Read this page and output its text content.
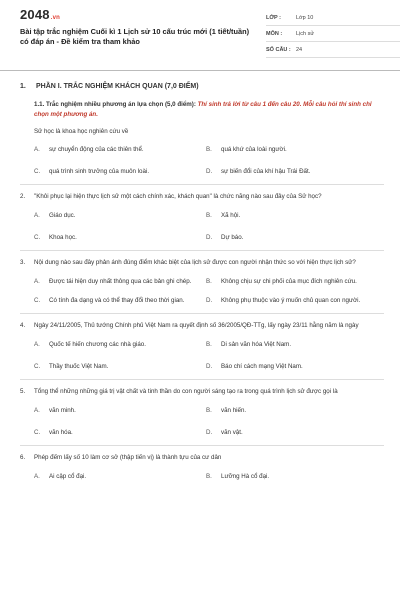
2048.vn
Bài tập trắc nghiệm Cuối kì 1 Lịch sử 10 cấu trúc mới (1 tiết/tuần) có đáp án - Đề kiểm tra tham khảo
LỚP :	Lớp 10
MÔN :	Lịch sử
SỐ CÂU : 24
1.	PHẦN I. TRẮC NGHIỆM KHÁCH QUAN (7,0 ĐIỂM)
1.1. Trắc nghiệm nhiều phương án lựa chọn (5,0 điểm): Thí sinh trả lời từ câu 1 đến câu 20. Mỗi câu hỏi thí sinh chỉ chọn một phương án.
Sử học là khoa học nghiên cứu về
A.	sự chuyển động của các thiên thể.	B.	quá khứ của loài người.
C.	quá trình sinh trưởng của muôn loài.	D.	sự biến đổi của khí hậu Trái Đất.
2.	"Khôi phục lại hiện thực lịch sử một cách chính xác, khách quan" là chức năng nào sau đây của Sử học?
A.	Giáo dục.	B.	Xã hội.
C.	Khoa học.	D.	Dự báo.
3.	Nội dung nào sau đây phản ánh đúng điểm khác biệt của lịch sử được con người nhận thức so với hiện thực lịch sử?
A.	Được tái hiện duy nhất thông qua các bản ghi chép.	B.	Không chịu sự chi phối của mục đích nghiên cứu.
C.	Có tính đa dạng và có thể thay đổi theo thời gian.	D.	Không phụ thuộc vào ý muốn chủ quan con người.
4.	Ngày 24/11/2005, Thủ tướng Chính phủ Việt Nam ra quyết định số 36/2005/QĐ-TTg, lấy ngày 23/11 hằng năm là ngày
A.	Quốc tế hiến chương các nhà giáo.	B.	Di sản văn hóa Việt Nam.
C.	Thầy thuốc Việt Nam.	D.	Báo chí cách mạng Việt Nam.
5.	Tổng thể những những giá trị vật chất và tinh thần do con người sáng tạo ra trong quá trình lịch sử được gọi là
A.	văn minh.	B.	văn hiến.
C.	văn hóa.	D.	văn vật.
6.	Phép đếm lấy số 10 làm cơ sở (thập tiến vị) là thành tựu của cư dân
A.	Ai cập cổ đại.	B.	Lưỡng Hà cổ đại.
